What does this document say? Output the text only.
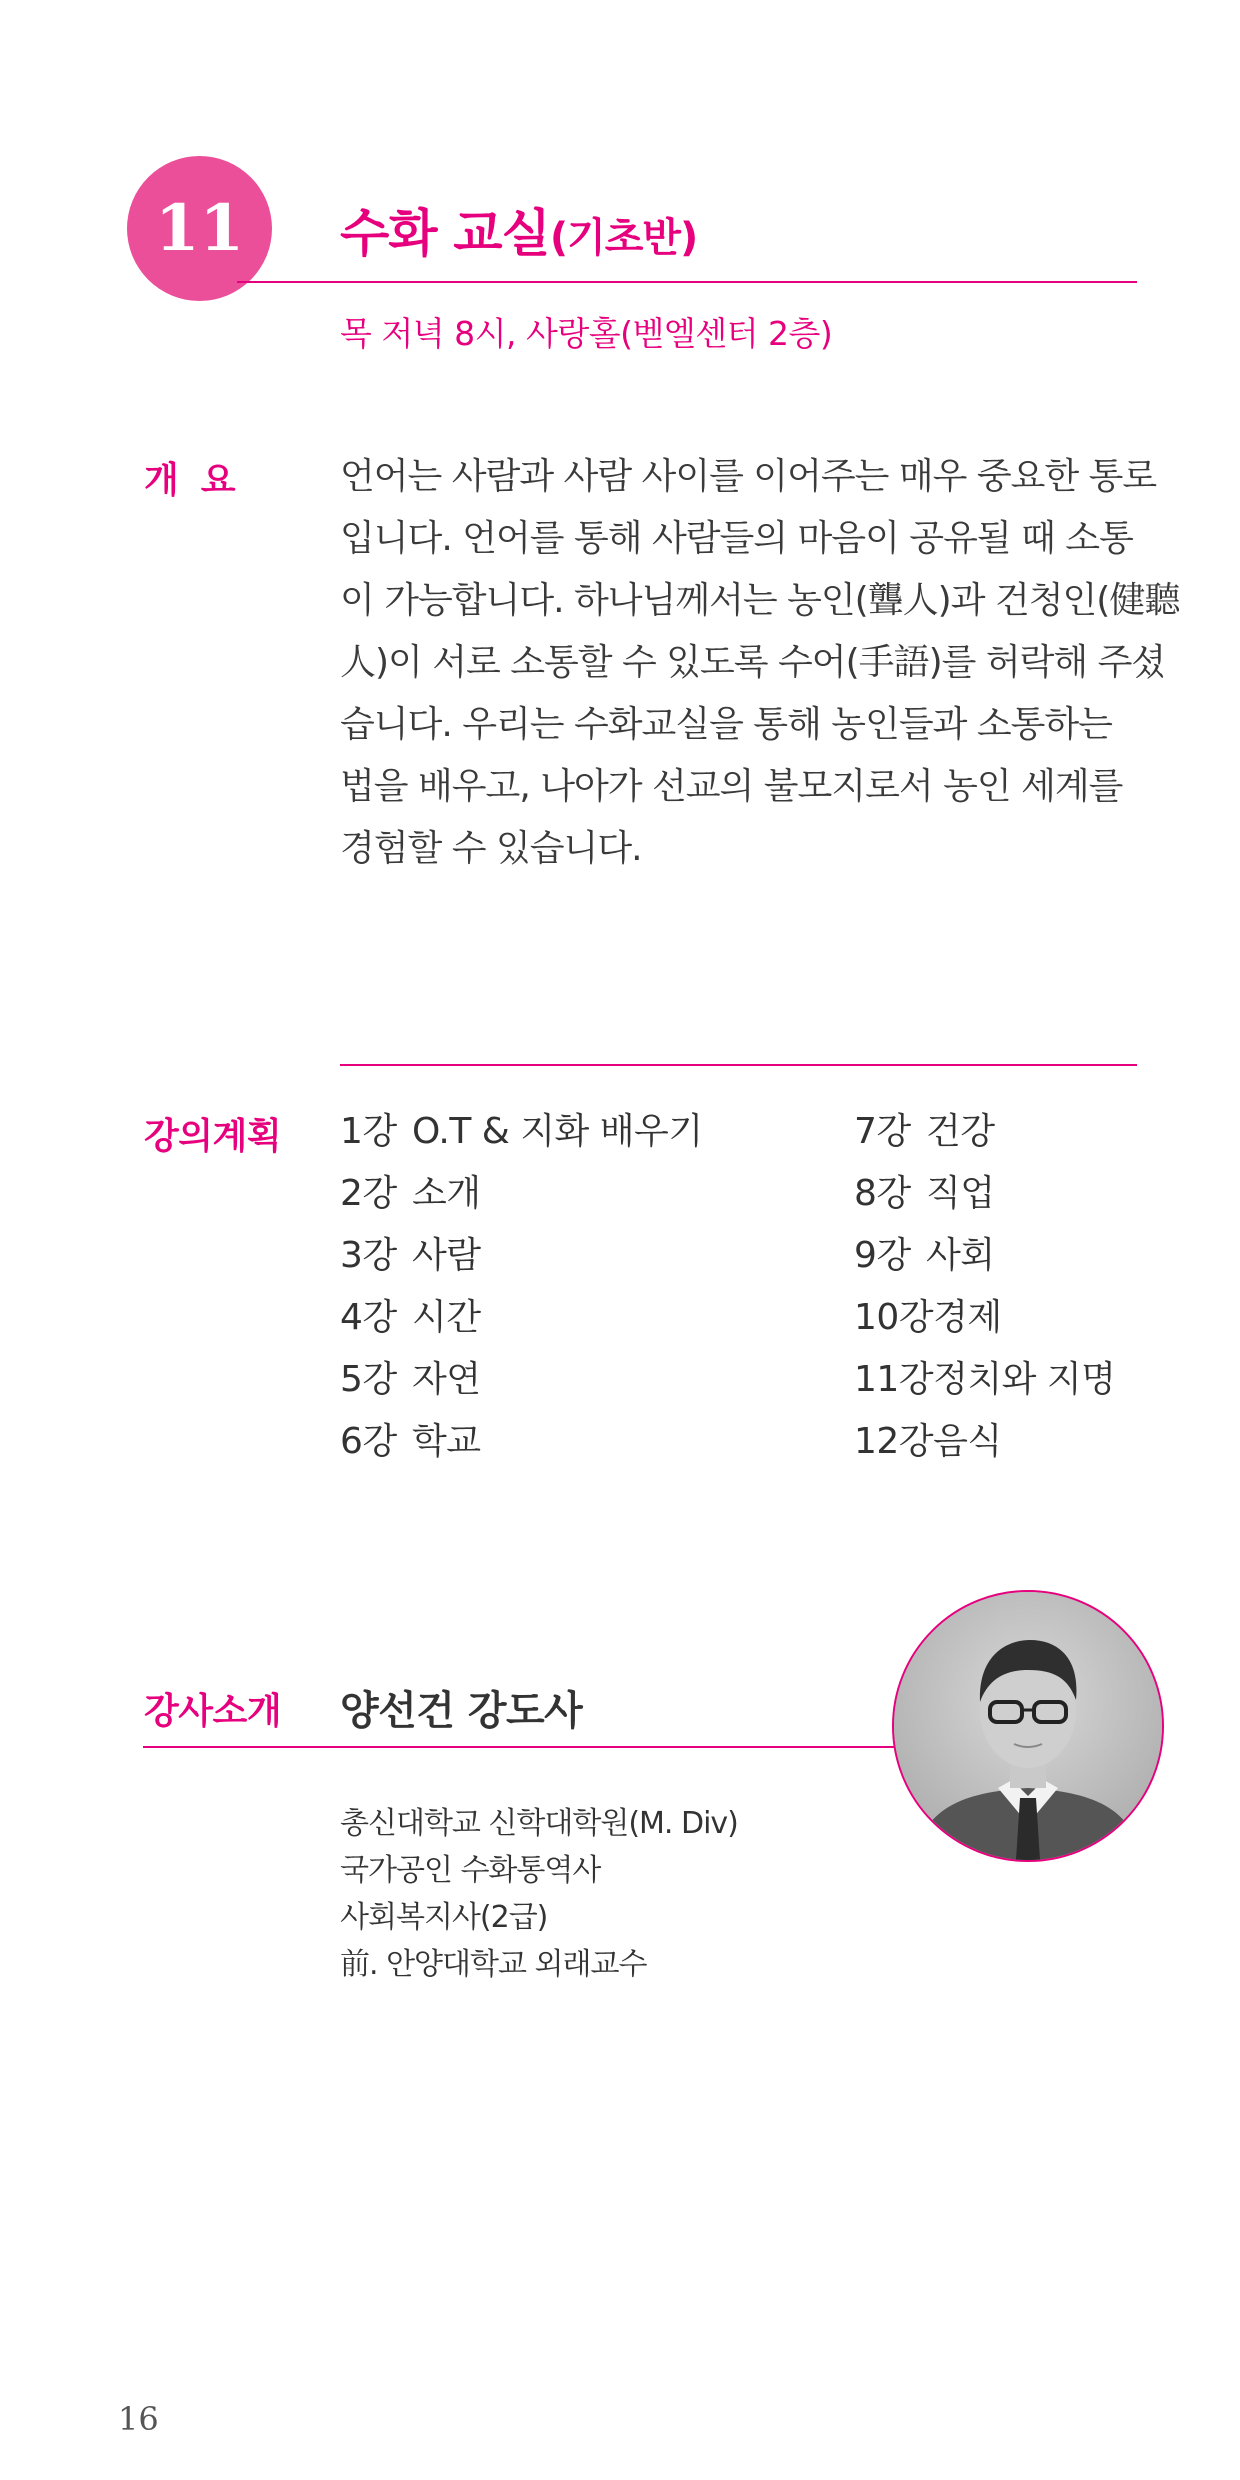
11	수화 교실(기초반)
목 저녁 8시, 사랑홀(벧엘센터 2층)
개요 언어는 사람과 사람 사이를 이어주는 매우 중요한 통로
입니다. 언어를 통해 사람들의 마음이 공유될 때 소통
이 가능합니다. 하나님께서는 농인(聾人)과 건청인(健聽
人)이 서로 소통할 수 있도록 수어(手語)를 허락해 주셨
습니다. 우리는 수화교실을 통해 농인들과 소통하는
법을 배우고, 나아가 선교의 불모지로서 농인 세계를
경험할 수 있습니다.
강의계획 1강 O.T & 지화 배우기
2강 소개
3강 사람
4강 시간
5강 자연
6강 학교
7강 건강
8강 직업
9강 사회
10강경제
11강정치와 지명
12강음식
강사소개 양선건 강도사
총신대학교 신학대학원(M. Div)
국가공인 수화통역사
사회복지사(2급)
前. 안양대학교 외래교수
16
